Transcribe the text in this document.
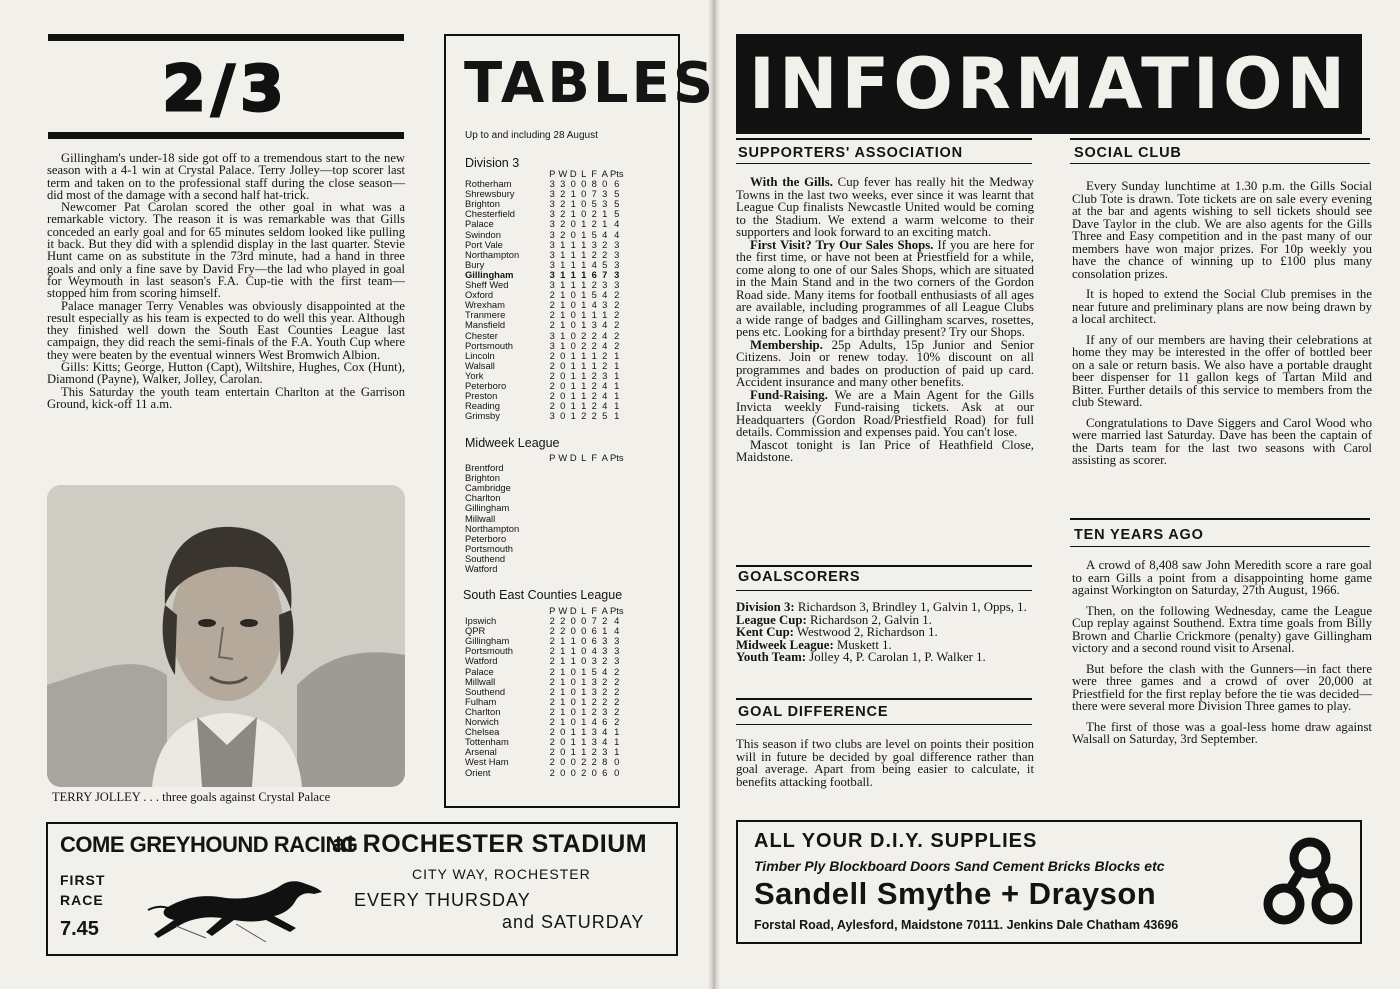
2/3

Gillingham's under-18 side got off to a tremendous start to the new season with a 4-1 win at Crystal Palace. Terry Jolley—top scorer last term and taken on to the professional staff during the close season—did most of the damage with a second half hat-trick.

Newcomer Pat Carolan scored the other goal in what was a remarkable victory. The reason it is was remarkable was that Gills conceded an early goal and for 65 minutes seldom looked like pulling it back. But they did with a splendid display in the last quarter. Stevie Hunt came on as substitute in the 73rd minute, had a hand in three goals and only a fine save by David Fry—the lad who played in goal for Weymouth in last season's F.A. Cup-tie with the first team—stopped him from scoring himself.

Palace manager Terry Venables was obviously disappointed at the result especially as his team is expected to do well this year. Although they finished well down the South East Counties League last campaign, they did reach the semi-finals of the F.A. Youth Cup where they were beaten by the eventual winners West Bromwich Albion.

Gills: Kitts; George, Hutton (Capt), Wiltshire, Hughes, Cox (Hunt), Diamond (Payne), Walker, Jolley, Carolan.

This Saturday the youth team entertain Charlton at the Garrison Ground, kick-off 11 a.m.

TERRY JOLLEY . . . three goals against Crystal Palace
TABLES
Up to and including 28 August
Division 3
	P	W	D	L	F	A	Pts
Rotherham	3	3	0	0	8	0	6
Shrewsbury	3	2	1	0	7	3	5
Brighton	3	2	1	0	5	3	5
Chesterfield	3	2	1	0	2	1	5
Palace	3	2	0	1	2	1	4
Swindon	3	2	0	1	5	4	4
Port Vale	3	1	1	1	3	2	3
Northampton	3	1	1	1	2	2	3
Bury	3	1	1	1	4	5	3
Gillingham	3	1	1	1	6	7	3
Sheff Wed	3	1	1	1	2	3	3
Oxford	2	1	0	1	5	4	2
Wrexham	2	1	0	1	4	3	2
Tranmere	2	1	0	1	1	1	2
Mansfield	2	1	0	1	3	4	2
Chester	3	1	0	2	2	4	2
Portsmouth	3	1	0	2	2	4	2
Lincoln	2	0	1	1	1	2	1
Walsall	2	0	1	1	1	2	1
York	2	0	1	1	2	3	1
Peterboro	2	0	1	1	2	4	1
Preston	2	0	1	1	2	4	1
Reading	2	0	1	1	2	4	1
Grimsby	3	0	1	2	2	5	1
Midweek League
	P	W	D	L	F	A	Pts
Brentford
Brighton
Cambridge
Charlton
Gillingham
Millwall
Northampton
Peterboro
Portsmouth
Southend
Watford
South East Counties League
	P	W	D	L	F	A	Pts
Ipswich	2	2	0	0	7	2	4
QPR	2	2	0	0	6	1	4
Gillingham	2	1	1	0	6	3	3
Portsmouth	2	1	1	0	4	3	3
Watford	2	1	1	0	3	2	3
Palace	2	1	0	1	5	4	2
Millwall	2	1	0	1	3	2	2
Southend	2	1	0	1	3	2	2
Fulham	2	1	0	1	2	2	2
Charlton	2	1	0	1	2	3	2
Norwich	2	1	0	1	4	6	2
Chelsea	2	0	1	1	3	4	1
Tottenham	2	0	1	1	3	4	1
Arsenal	2	0	1	1	2	3	1
West Ham	2	0	0	2	2	8	0
Orient	2	0	0	2	0	6	0
INFORMATION
SUPPORTERS' ASSOCIATION

With the Gills. Cup fever has really hit the Medway Towns in the last two weeks, ever since it was learnt that League Cup finalists Newcastle United would be coming to the Stadium. We extend a warm welcome to their supporters and look forward to an exciting match.

First Visit? Try Our Sales Shops. If you are here for the first time, or have not been at Priestfield for a while, come along to one of our Sales Shops, which are situated in the Main Stand and in the two corners of the Gordon Road side. Many items for football enthusiasts of all ages are available, including programmes of all League Clubs a wide range of badges and Gillingham scarves, rosettes, pens etc. Looking for a birthday present? Try our Shops.

Membership. 25p Adults, 15p Junior and Senior Citizens. Join or renew today. 10% discount on all programmes and bades on production of paid up card. Accident insurance and many other benefits.

Fund-Raising. We are a Main Agent for the Gills Invicta weekly Fund-raising tickets. Ask at our Headquarters (Gordon Road/Priestfield Road) for full details. Commission and expenses paid. You can't lose.

Mascot tonight is Ian Price of Heathfield Close, Maidstone.

GOALSCORERS
Division 3: Richardson 3, Brindley 1, Galvin 1, Opps, 1.
League Cup: Richardson 2, Galvin 1.
Kent Cup: Westwood 2, Richardson 1.
Midweek League: Muskett 1.
Youth Team: Jolley 4, P. Carolan 1, P. Walker 1.
GOAL DIFFERENCE

This season if two clubs are level on points their position will in future be decided by goal difference rather than goal average. Apart from being easier to calculate, it benefits attacking football.

SOCIAL CLUB

Every Sunday lunchtime at 1.30 p.m. the Gills Social Club Tote is drawn. Tote tickets are on sale every evening at the bar and agents wishing to sell tickets should see Dave Taylor in the club. We are also agents for the Gills Three and Easy competition and in the past many of our members have won major prizes. For 10p weekly you have the chance of winning up to £100 plus many consolation prizes.

It is hoped to extend the Social Club premises in the near future and preliminary plans are now being drawn by a local architect.

If any of our members are having their celebrations at home they may be interested in the offer of bottled beer on a sale or return basis. We also have a portable draught beer dispenser for 11 gallon kegs of Tartan Mild and Bitter. Further details of this service to members from the club Steward.

Congratulations to Dave Siggers and Carol Wood who were married last Saturday. Dave has been the captain of the Darts team for the last two seasons with Carol assisting as scorer.

TEN YEARS AGO

A crowd of 8,408 saw John Meredith score a rare goal to earn Gills a point from a disappointing home game against Workington on Saturday, 27th August, 1966.

Then, on the following Wednesday, came the League Cup replay against Southend. Extra time goals from Billy Brown and Charlie Crickmore (penalty) gave Gillingham victory and a second round visit to Arsenal.

But before the clash with the Gunners—in fact there were three games and a crowd of over 20,000 at Priestfield for the first replay before the tie was decided—there were several more Division Three games to play.

The first of those was a goal-less home draw against Walsall on Saturday, 3rd September.

COME GREYHOUND RACING
at ROCHESTER STADIUM
FIRST
RACE
7.45
CITY WAY, ROCHESTER
EVERY THURSDAY
and SATURDAY
ALL YOUR D.I.Y. SUPPLIES
Timber Ply Blockboard Doors Sand Cement Bricks Blocks etc
Sandell Smythe + Drayson
Forstal Road, Aylesford, Maidstone 70111. Jenkins Dale Chatham 43696
